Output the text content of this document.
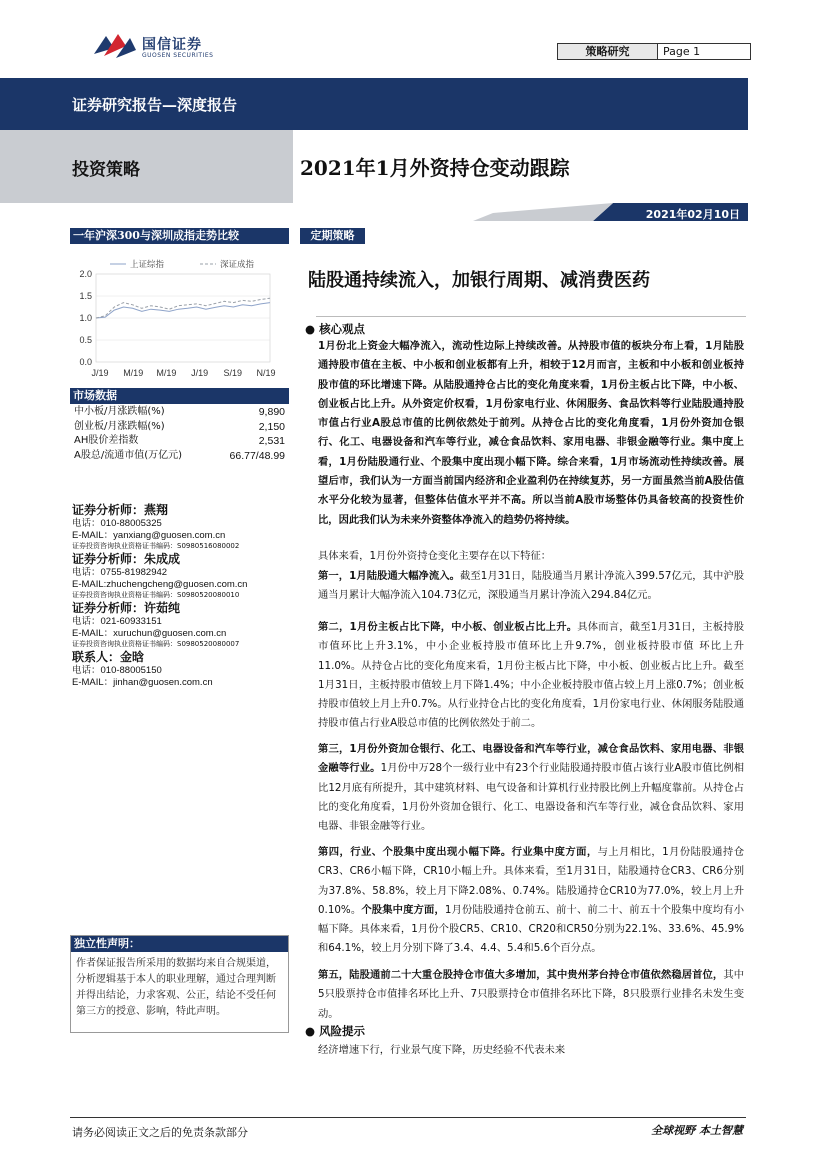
国信证券
GUOSEN SECURITIES	策略研究	Page 1
证券研究报告—深度报告
投资策略	2021年1月外资持仓变动跟踪
2021年02月10日
一年沪深300与深圳成指走势比较
2.0
1.5
1.0
0.5
0.0
J/19 M/19 M/19 J/19 S/19 N/19
上证综指	深证成指
市场数据
中小板/月涨跌幅(%)	9,890
创业板/月涨跌幅(%)	2,150
AH股价差指数	2,531
A股总/流通市值(万亿元)	66.77/48.99
证券分析师：燕翔
电话：010-88005325
E-MAIL：yanxiang@guosen.com.cn
证券投资咨询执业资格证书编码：S0980516080002
证券分析师：朱成成
电话：0755-81982942
E-MAIL:zhuchengcheng@guosen.com.cn
证券投资咨询执业资格证书编码：S0980520080010
证券分析师：许茹纯
电话：021-60933151
E-MAIL：xuruchun@guosen.com.cn
证券投资咨询执业资格证书编码：S0980520080007
联系人：金晗
电话：010-88005150
E-MAIL：jinhan@guosen.com.cn
独立性声明：
作者保证报告所采用的数据均来自合规渠道，分析逻辑基于本人的职业理解，通过合理判断并得出结论，力求客观、公正，结论不受任何第三方的授意、影响，特此声明。
定期策略
陆股通持续流入，加银行周期、减消费医药
● 核心观点
1月份北上资金大幅净流入，流动性边际上持续改善。从持股市值的板块分布上看，1月陆股通持股市值在主板、中小板和创业板都有上升，相较于12月而言，主板和中小板和创业板持股市值的环比增速下降。从陆股通持仓占比的变化角度来看，1月份主板占比下降，中小板、创业板占比上升。从外资定价权看，1月份家电行业、休闲服务、食品饮料等行业陆股通持股市值占行业A股总市值的比例依然处于前列。从持仓占比的变化角度看，1月份外资加仓银行、化工、电器设备和汽车等行业，减仓食品饮料、家用电器、非银金融等行业。集中度上看，1月份陆股通行业、个股集中度出现小幅下降。综合来看，1月市场流动性持续改善。展望后市，我们认为一方面当前国内经济和企业盈利仍在持续复苏，另一方面虽然当前A股估值水平分化较为显著，但整体估值水平并不高。所以当前A股市场整体仍具备较高的投资性价比，因此我们认为未来外资整体净流入的趋势仍将持续。
具体来看，1月份外资持仓变化主要存在以下特征：
第一，1月陆股通大幅净流入。截至1月31日，陆股通当月累计净流入399.57亿元，其中沪股通当月累计大幅净流入104.73亿元，深股通当月累计净流入294.84亿元。
第二，1月份主板占比下降，中小板、创业板占比上升。具体而言，截至1月31日，主板持股市值环比上升3.1%，中小企业板持股市值环比上升9.7%，创业板持股市值 环比上升11.0%。从持仓占比的变化角度来看，1月份主板占比下降，中小板、创业板占比上升。截至1月31日，主板持股市值较上月下降1.4%；中小企业板持股市值占较上月上涨0.7%；创业板持股市值较上月上升0.7%。从行业持仓占比的变化角度看，1月份家电行业、休闲服务陆股通持股市值占行业A股总市值的比例依然处于前二。
第三，1月份外资加仓银行、化工、电器设备和汽车等行业，减仓食品饮料、家用电器、非银金融等行业。1月份中万28个一级行业中有23个行业陆股通持股市值占该行业A股市值比例相比12月底有所提升，其中建筑材料、电气设备和计算机行业持股比例上升幅度靠前。从持仓占比的变化角度看，1月份外资加仓银行、化工、电器设备和汽车等行业，减仓食品饮料、家用电器、非银金融等行业。
第四，行业、个股集中度出现小幅下降。行业集中度方面，与上月相比，1月份陆股通持仓CR3、CR6小幅下降，CR10小幅上升。具体来看，至1月31日，陆股通持仓CR3、CR6分别为37.8%、58.8%，较上月下降2.08%、0.74%。陆股通持仓CR10为77.0%，较上月上升0.10%。个股集中度方面，1月份陆股通持仓前五、前十、前二十、前五十个股集中度均有小幅下降。具体来看，1月份个股CR5、CR10、CR20和CR50分别为22.1%、33.6%、45.9%和64.1%，较上月分别下降了3.4、4.4、5.4和5.6个百分点。
第五，陆股通前二十大重仓股持仓市值大多增加，其中贵州茅台持仓市值依然稳居首位，其中5只股票持仓市值排名环比上升、7只股票持仓市值排名环比下降，8只股票行业排名未发生变动。
● 风险提示
经济增速下行，行业景气度下降，历史经验不代表未来
请务必阅读正文之后的免责条款部分	全球视野 本土智慧
